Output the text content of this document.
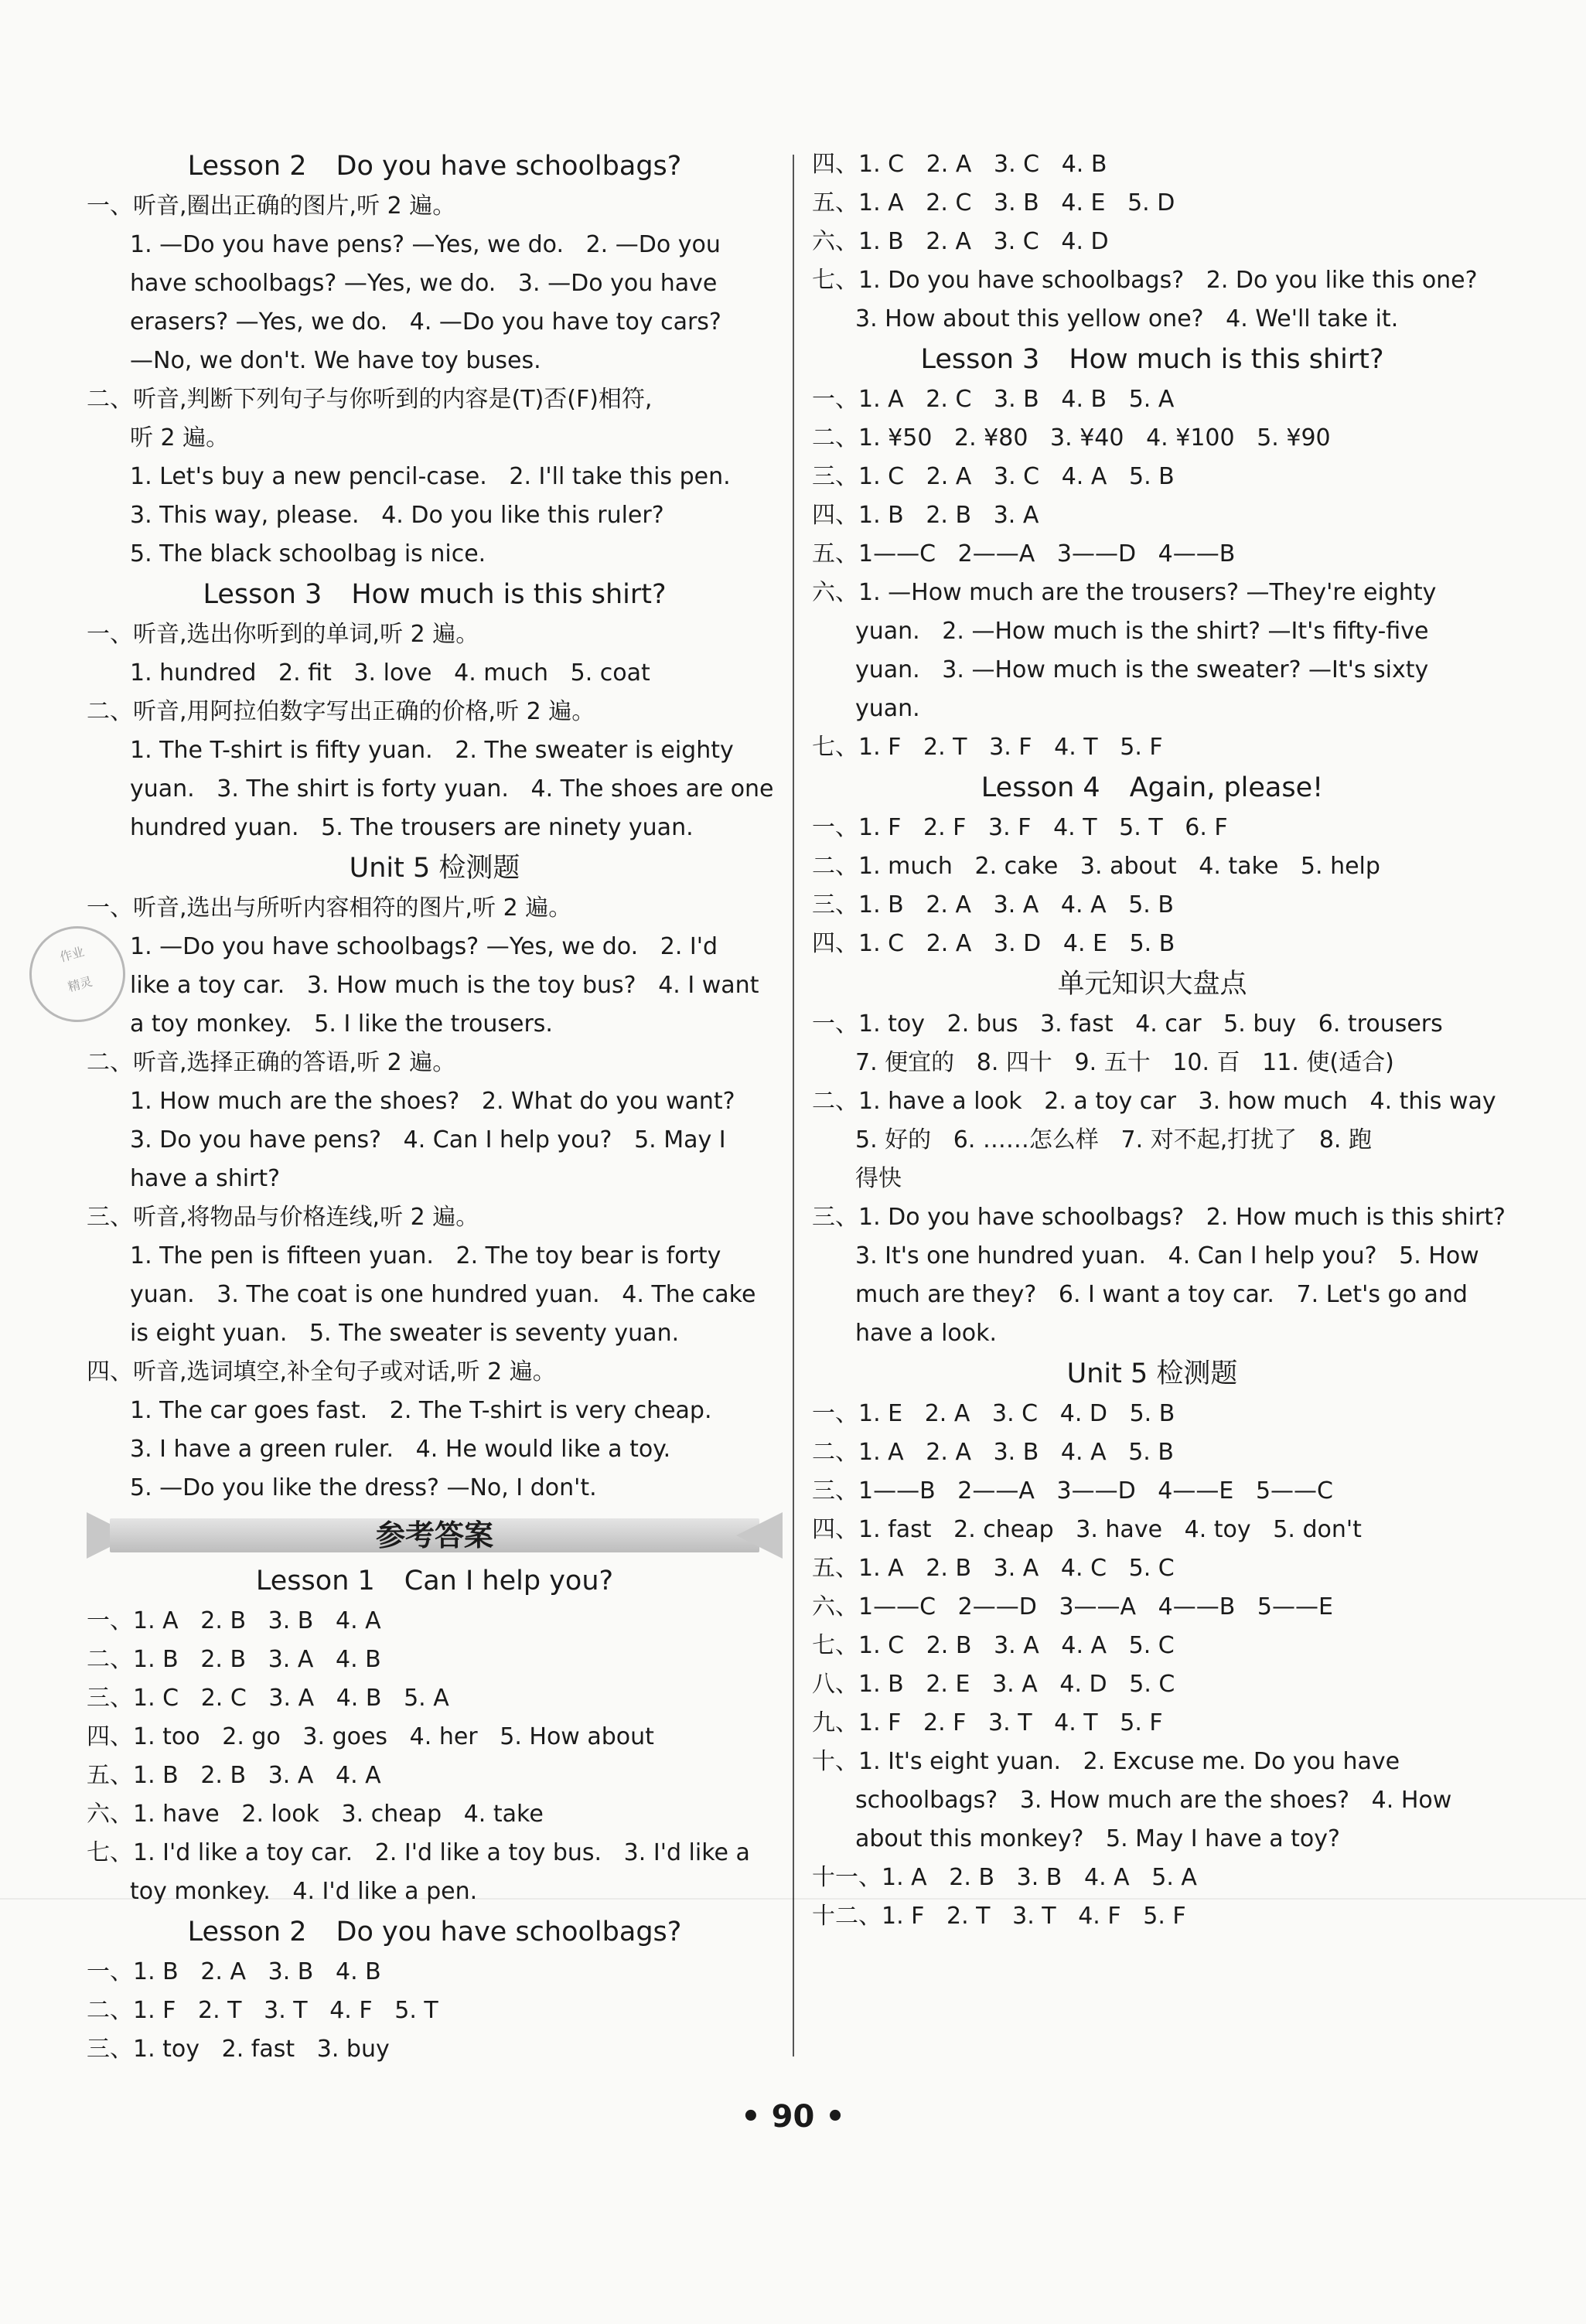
Lesson 2 Do you have schoolbags?
一、听音,圈出正确的图片,听 2 遍。
1. —Do you have pens? —Yes, we do.   2. —Do you
have schoolbags? —Yes, we do.   3. —Do you have
erasers? —Yes, we do.   4. —Do you have toy cars?
—No, we don't. We have toy buses.
二、听音,判断下列句子与你听到的内容是(T)否(F)相符,
听 2 遍。
1. Let's buy a new pencil-case.   2. I'll take this pen.
3. This way, please.   4. Do you like this ruler?
5. The black schoolbag is nice.
Lesson 3 How much is this shirt?
一、听音,选出你听到的单词,听 2 遍。
1. hundred   2. fit   3. love   4. much   5. coat
二、听音,用阿拉伯数字写出正确的价格,听 2 遍。
1. The T-shirt is fifty yuan.   2. The sweater is eighty
yuan.   3. The shirt is forty yuan.   4. The shoes are one
hundred yuan.   5. The trousers are ninety yuan.
Unit 5 检测题
一、听音,选出与所听内容相符的图片,听 2 遍。
1. —Do you have schoolbags? —Yes, we do.   2. I'd
like a toy car.   3. How much is the toy bus?   4. I want
a toy monkey.   5. I like the trousers.
二、听音,选择正确的答语,听 2 遍。
1. How much are the shoes?   2. What do you want?
3. Do you have pens?   4. Can I help you?   5. May I
have a shirt?
三、听音,将物品与价格连线,听 2 遍。
1. The pen is fifteen yuan.   2. The toy bear is forty
yuan.   3. The coat is one hundred yuan.   4. The cake
is eight yuan.   5. The sweater is seventy yuan.
四、听音,选词填空,补全句子或对话,听 2 遍。
1. The car goes fast.   2. The T-shirt is very cheap.
3. I have a green ruler.   4. He would like a toy.
5. —Do you like the dress? —No, I don't.
参考答案
Lesson 1 Can I help you?
一、1. A   2. B   3. B   4. A
二、1. B   2. B   3. A   4. B
三、1. C   2. C   3. A   4. B   5. A
四、1. too   2. go   3. goes   4. her   5. How about
五、1. B   2. B   3. A   4. A
六、1. have   2. look   3. cheap   4. take
七、1. I'd like a toy car.   2. I'd like a toy bus.   3. I'd like a
toy monkey.   4. I'd like a pen.
Lesson 2 Do you have schoolbags?
一、1. B   2. A   3. B   4. B
二、1. F   2. T   3. T   4. F   5. T
三、1. toy   2. fast   3. buy
四、1. C   2. A   3. C   4. B
五、1. A   2. C   3. B   4. E   5. D
六、1. B   2. A   3. C   4. D
七、1. Do you have schoolbags?   2. Do you like this one?
3. How about this yellow one?   4. We'll take it.
Lesson 3 How much is this shirt?
一、1. A   2. C   3. B   4. B   5. A
二、1. ¥50   2. ¥80   3. ¥40   4. ¥100   5. ¥90
三、1. C   2. A   3. C   4. A   5. B
四、1. B   2. B   3. A
五、1——C   2——A   3——D   4——B
六、1. —How much are the trousers? —They're eighty
yuan.   2. —How much is the shirt? —It's fifty-five
yuan.   3. —How much is the sweater? —It's sixty
yuan.
七、1. F   2. T   3. F   4. T   5. F
Lesson 4 Again, please!
一、1. F   2. F   3. F   4. T   5. T   6. F
二、1. much   2. cake   3. about   4. take   5. help
三、1. B   2. A   3. A   4. A   5. B
四、1. C   2. A   3. D   4. E   5. B
单元知识大盘点
一、1. toy   2. bus   3. fast   4. car   5. buy   6. trousers
7. 便宜的   8. 四十   9. 五十   10. 百   11. 使(适合)
二、1. have a look   2. a toy car   3. how much   4. this way
5. 好的   6. ……怎么样   7. 对不起,打扰了   8. 跑
得快
三、1. Do you have schoolbags?   2. How much is this shirt?
3. It's one hundred yuan.   4. Can I help you?   5. How
much are they?   6. I want a toy car.   7. Let's go and
have a look.
Unit 5 检测题
一、1. E   2. A   3. C   4. D   5. B
二、1. A   2. A   3. B   4. A   5. B
三、1——B   2——A   3——D   4——E   5——C
四、1. fast   2. cheap   3. have   4. toy   5. don't
五、1. A   2. B   3. A   4. C   5. C
六、1——C   2——D   3——A   4——B   5——E
七、1. C   2. B   3. A   4. A   5. C
八、1. B   2. E   3. A   4. D   5. C
九、1. F   2. F   3. T   4. T   5. F
十、1. It's eight yuan.   2. Excuse me. Do you have
schoolbags?   3. How much are the shoes?   4. How
about this monkey?   5. May I have a toy?
十一、1. A   2. B   3. B   4. A   5. A
十二、1. F   2. T   3. T   4. F   5. F
作业
精灵
• 90 •
